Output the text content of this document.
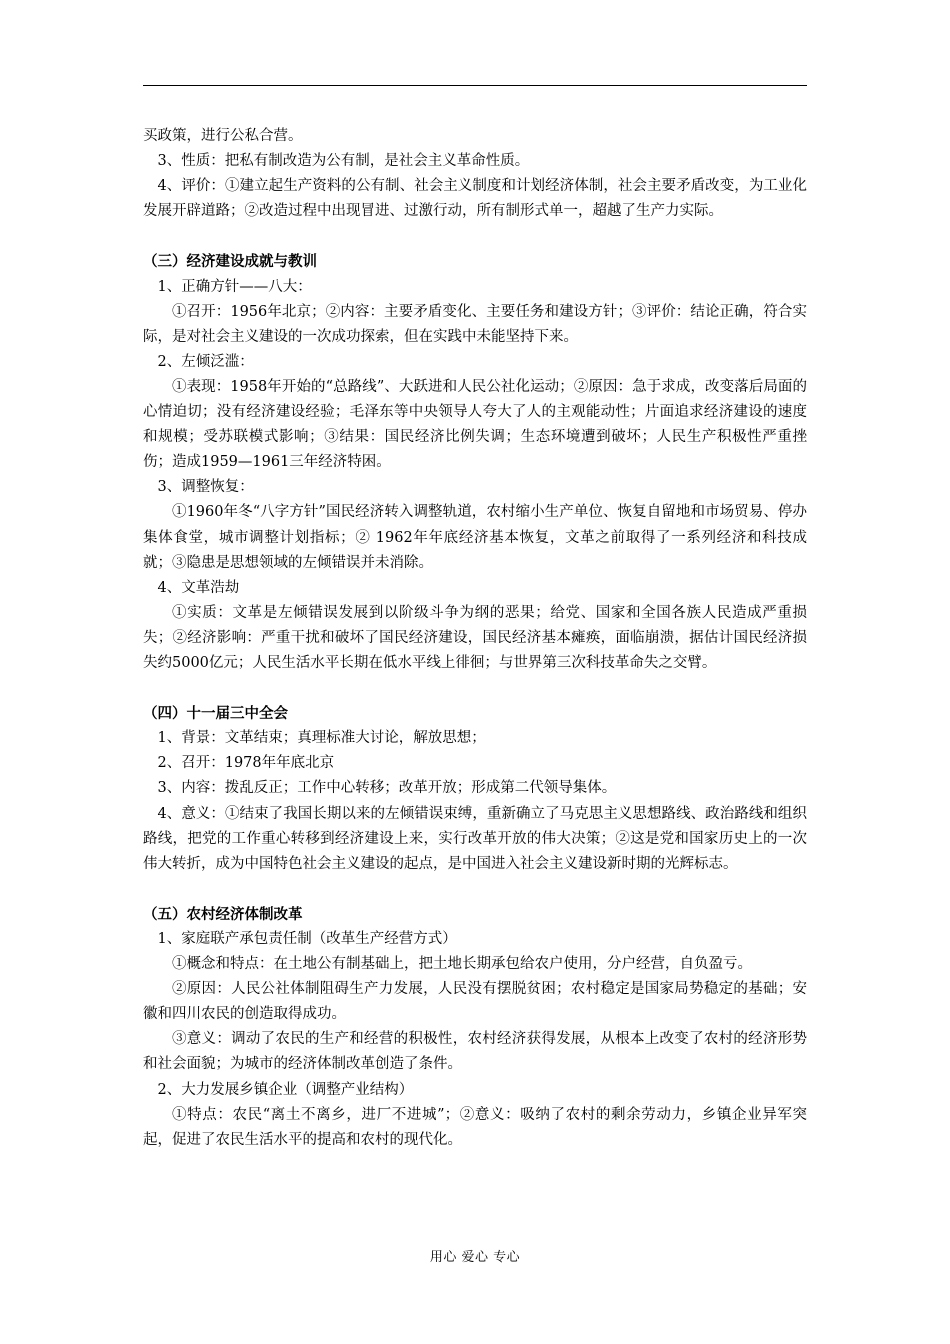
买政策，进行公私合营。

3、性质：把私有制改造为公有制，是社会主义革命性质。

4、评价：①建立起生产资料的公有制、社会主义制度和计划经济体制，社会主要矛盾改变，为工业化发展开辟道路；②改造过程中出现冒进、过激行动，所有制形式单一，超越了生产力实际。

（三）经济建设成就与教训

1、正确方针——八大：

①召开：1956年北京；②内容：主要矛盾变化、主要任务和建设方针；③评价：结论正确，符合实际，是对社会主义建设的一次成功探索，但在实践中未能坚持下来。

2、左倾泛滥：

①表现：1958年开始的“总路线”、大跃进和人民公社化运动；②原因：急于求成，改变落后局面的心情迫切；没有经济建设经验；毛泽东等中央领导人夸大了人的主观能动性；片面追求经济建设的速度和规模；受苏联模式影响；③结果：国民经济比例失调；生态环境遭到破坏；人民生产积极性严重挫伤；造成1959—1961三年经济特困。

3、调整恢复：

①1960年冬“八字方针”国民经济转入调整轨道，农村缩小生产单位、恢复自留地和市场贸易、停办集体食堂，城市调整计划指标；② 1962年年底经济基本恢复，文革之前取得了一系列经济和科技成就；③隐患是思想领域的左倾错误并未消除。

4、文革浩劫

①实质：文革是左倾错误发展到以阶级斗争为纲的恶果；给党、国家和全国各族人民造成严重损失；②经济影响：严重干扰和破坏了国民经济建设，国民经济基本瘫痪，面临崩溃，据估计国民经济损失约5000亿元；人民生活水平长期在低水平线上徘徊；与世界第三次科技革命失之交臂。

（四）十一届三中全会

1、背景：文革结束；真理标准大讨论，解放思想；

2、召开：1978年年底北京

3、内容：拨乱反正；工作中心转移；改革开放；形成第二代领导集体。

4、意义：①结束了我国长期以来的左倾错误束缚，重新确立了马克思主义思想路线、政治路线和组织路线，把党的工作重心转移到经济建设上来，实行改革开放的伟大决策；②这是党和国家历史上的一次伟大转折，成为中国特色社会主义建设的起点，是中国进入社会主义建设新时期的光辉标志。

（五）农村经济体制改革

1、家庭联产承包责任制（改革生产经营方式）

①概念和特点：在土地公有制基础上，把土地长期承包给农户使用，分户经营，自负盈亏。

②原因：人民公社体制阻碍生产力发展，人民没有摆脱贫困；农村稳定是国家局势稳定的基础；安徽和四川农民的创造取得成功。

③意义：调动了农民的生产和经营的积极性，农村经济获得发展，从根本上改变了农村的经济形势和社会面貌；为城市的经济体制改革创造了条件。

2、大力发展乡镇企业（调整产业结构）

①特点：农民“离土不离乡，进厂不进城”；②意义：吸纳了农村的剩余劳动力，乡镇企业异军突起，促进了农民生活水平的提高和农村的现代化。

用心 爱心 专心
